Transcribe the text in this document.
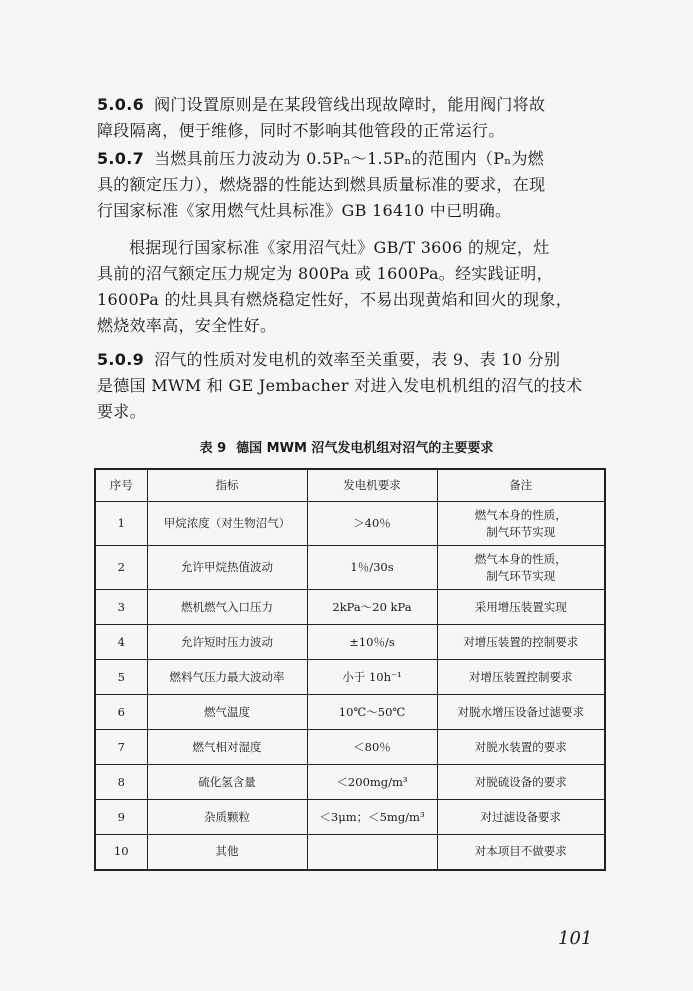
5.0.6 阀门设置原则是在某段管线出现故障时，能用阀门将故
障段隔离，便于维修，同时不影响其他管段的正常运行。

5.0.7 当燃具前压力波动为 0.5Pₙ～1.5Pₙ的范围内（Pₙ为燃
具的额定压力），燃烧器的性能达到燃具质量标准的要求，在现
行国家标准《家用燃气灶具标准》GB 16410 中已明确。

根据现行国家标准《家用沼气灶》GB/T 3606 的规定，灶
具前的沼气额定压力规定为 800Pa 或 1600Pa。经实践证明，
1600Pa 的灶具具有燃烧稳定性好，不易出现黄焰和回火的现象，
燃烧效率高，安全性好。

5.0.9 沼气的性质对发电机的效率至关重要，表 9、表 10 分别
是德国 MWM 和 GE Jembacher 对进入发电机机组的沼气的技术
要求。

表 9 德国 MWM 沼气发电机组对沼气的主要要求
序号	指标	发电机要求	备注
1	甲烷浓度（对生物沼气）	＞40％	燃气本身的性质，
制气环节实现
2	允许甲烷热值波动	1％/30s	燃气本身的性质，
制气环节实现
3	燃机燃气入口压力	2kPa～20 kPa	采用增压装置实现
4	允许短时压力波动	±10％/s	对增压装置的控制要求
5	燃料气压力最大波动率	小于 10h⁻¹	对增压装置控制要求
6	燃气温度	10℃～50℃	对脱水增压设备过滤要求
7	燃气相对湿度	＜80％	对脱水装置的要求
8	硫化氢含量	＜200mg/m³	对脱硫设备的要求
9	杂质颗粒	＜3μm；＜5mg/m³	对过滤设备要求
10	其他		对本项目不做要求
101
